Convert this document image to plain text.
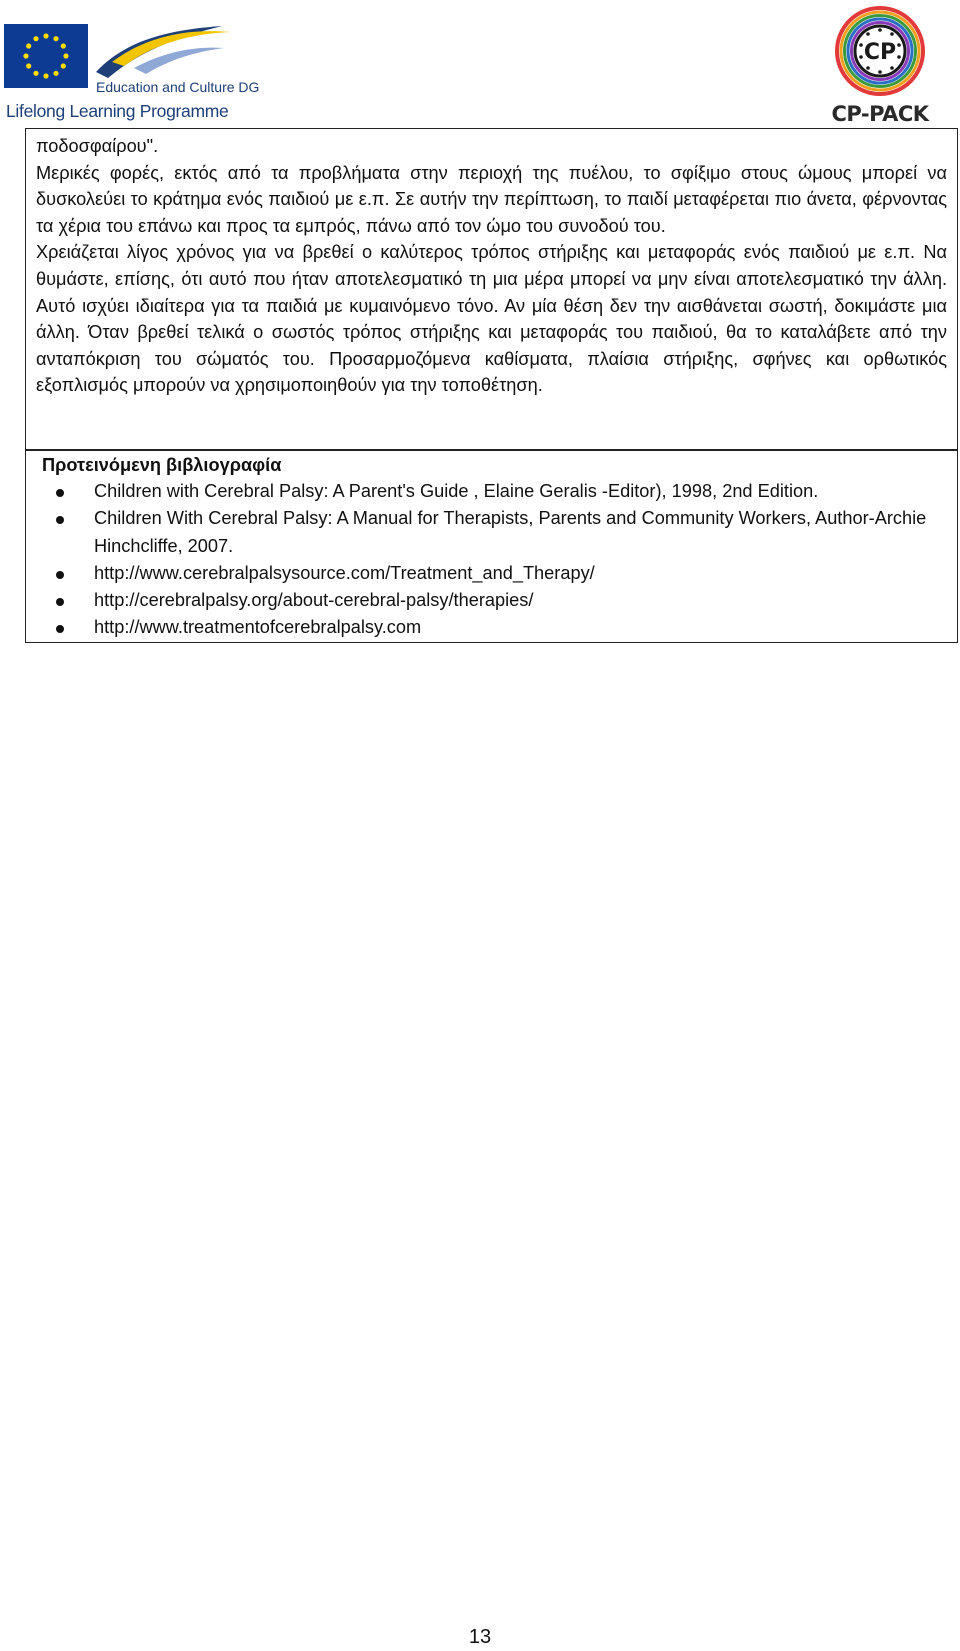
Education and Culture DG
Lifelong Learning Programme
CP
CP-PACK

ποδοσφαίρου".

Μερικές φορές, εκτός από τα προβλήματα στην περιοχή της πυέλου, το σφίξιμο στους ώμους μπορεί να δυσκολεύει το κράτημα ενός παιδιού με ε.π. Σε αυτήν την περίπτωση, το παιδί μεταφέρεται πιο άνετα, φέρνοντας τα χέρια του επάνω και προς τα εμπρός, πάνω από τον ώμο του συνοδού του.

Χρειάζεται λίγος χρόνος για να βρεθεί ο καλύτερος τρόπος στήριξης και μεταφοράς ενός παιδιού με ε.π. Να θυμάστε, επίσης, ότι αυτό που ήταν αποτελεσματικό τη μια μέρα μπορεί να μην είναι αποτελεσματικό την άλλη. Αυτό ισχύει ιδιαίτερα για τα παιδιά με κυμαινόμενο τόνο. Αν μία θέση δεν την αισθάνεται σωστή, δοκιμάστε μια άλλη. Όταν βρεθεί τελικά ο σωστός τρόπος στήριξης και μεταφοράς του παιδιού, θα το καταλάβετε από την ανταπόκριση του σώματός του. Προσαρμοζόμενα καθίσματα, πλαίσια στήριξης, σφήνες και ορθωτικός εξοπλισμός μπορούν να χρησιμοποιηθούν για την τοποθέτηση.

Προτεινόμενη βιβλιογραφία

Children with Cerebral Palsy: A Parent's Guide , Elaine Geralis -Editor), 1998, 2nd Edition.
Children With Cerebral Palsy: A Manual for Therapists, Parents and Community Workers, Author-Archie Hinchcliffe, 2007.
http://www.cerebralpalsysource.com/Treatment_and_Therapy/
http://cerebralpalsy.org/about-cerebral-palsy/therapies/
http://www.treatmentofcerebralpalsy.com
13
